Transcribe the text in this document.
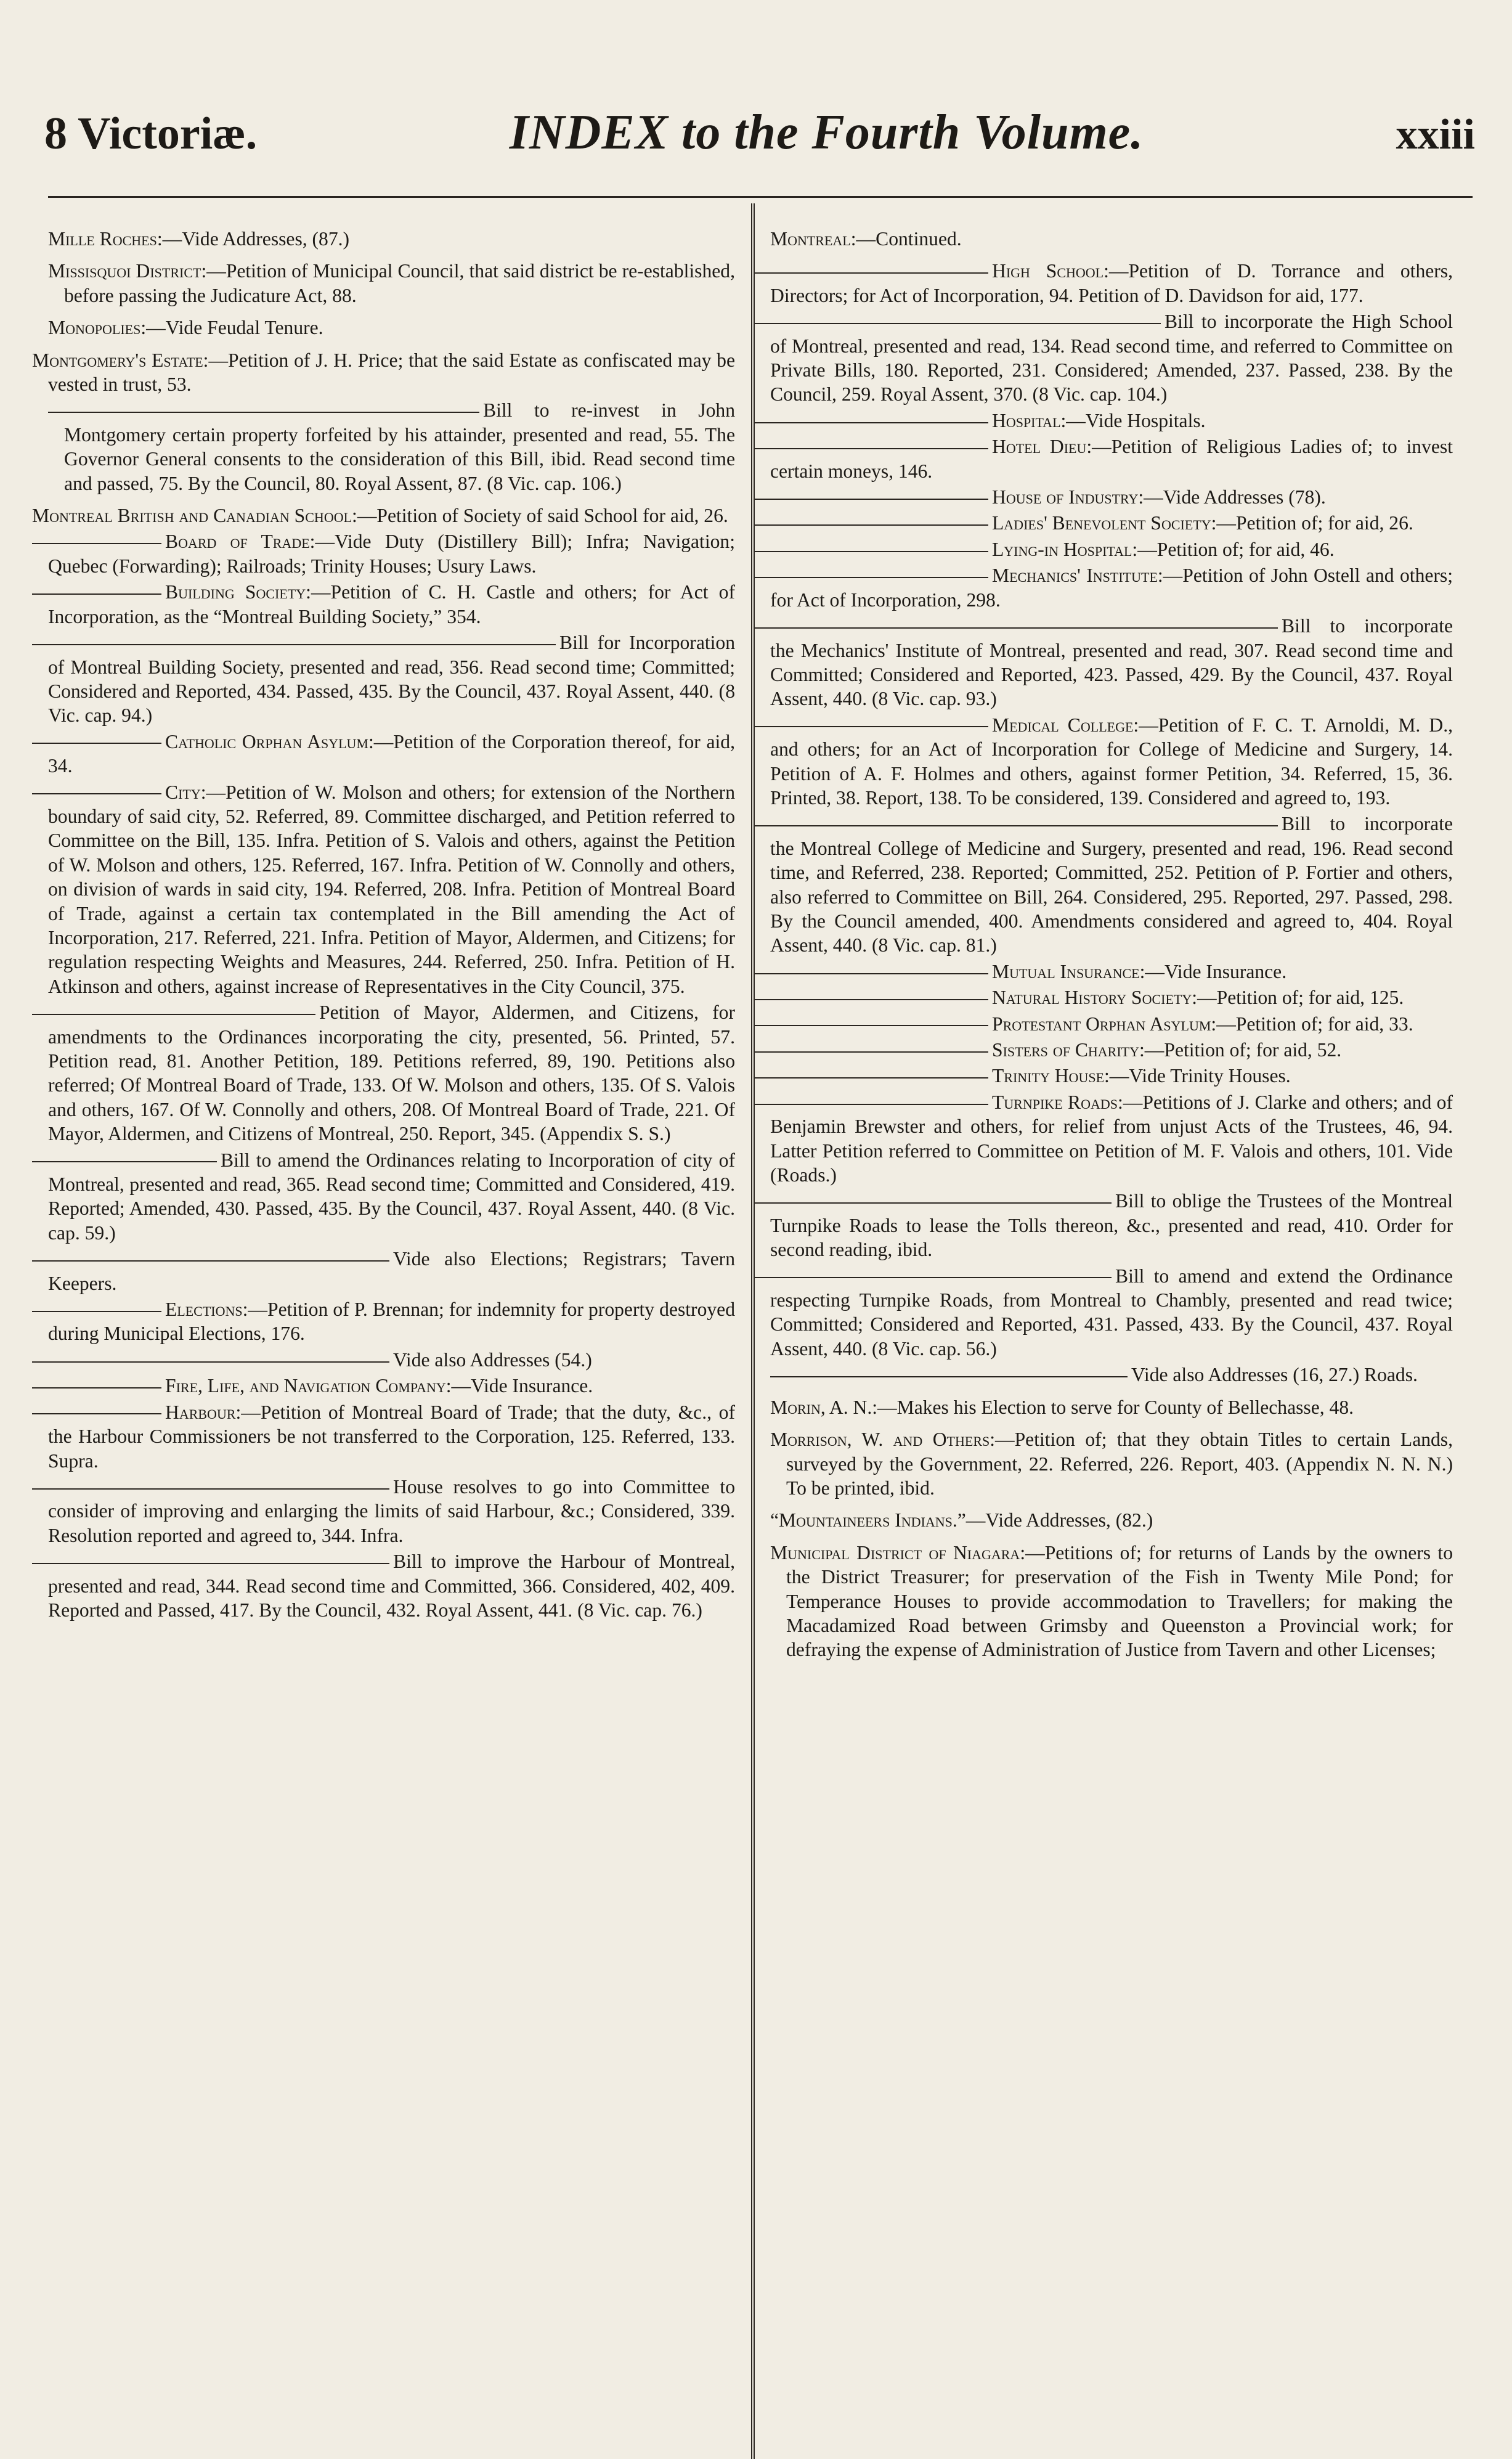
8 Victoriæ.	INDEX to the Fourth Volume.	xxiii

Mille Roches:—Vide Addresses, (87.)

Missisquoi District:—Petition of Municipal Council, that said district be re-established, before passing the Judicature Act, 88.

Monopolies:—Vide Feudal Tenure.

Montgomery's Estate:—Petition of J. H. Price; that the said Estate as confiscated may be vested in trust, 53.

Bill to re-invest in John Montgomery certain property forfeited by his attainder, presented and read, 55. The Governor General consents to the consideration of this Bill, ibid. Read second time and passed, 75. By the Council, 80. Royal Assent, 87. (8 Vic. cap. 106.)

Montreal British and Canadian School:—Petition of Society of said School for aid, 26.

Board of Trade:—Vide Duty (Distillery Bill); Infra; Navigation; Quebec (Forwarding); Railroads; Trinity Houses; Usury Laws.

Building Society:—Petition of C. H. Castle and others; for Act of Incorporation, as the “Montreal Building Society,” 354.

Bill for Incorporation of Montreal Building Society, presented and read, 356. Read second time; Committed; Considered and Reported, 434. Passed, 435. By the Council, 437. Royal Assent, 440. (8 Vic. cap. 94.)

Catholic Orphan Asylum:—Petition of the Corporation thereof, for aid, 34.

City:—Petition of W. Molson and others; for extension of the Northern boundary of said city, 52. Referred, 89. Committee discharged, and Petition referred to Committee on the Bill, 135. Infra. Petition of S. Valois and others, against the Petition of W. Molson and others, 125. Referred, 167. Infra. Petition of W. Connolly and others, on division of wards in said city, 194. Referred, 208. Infra. Petition of Montreal Board of Trade, against a certain tax contemplated in the Bill amending the Act of Incorporation, 217. Referred, 221. Infra. Petition of Mayor, Aldermen, and Citizens; for regulation respecting Weights and Measures, 244. Referred, 250. Infra. Petition of H. Atkinson and others, against increase of Representatives in the City Council, 375.

Petition of Mayor, Aldermen, and Citizens, for amendments to the Ordinances incorporating the city, presented, 56. Printed, 57. Petition read, 81. Another Petition, 189. Petitions referred, 89, 190. Petitions also referred; Of Montreal Board of Trade, 133. Of W. Molson and others, 135. Of S. Valois and others, 167. Of W. Connolly and others, 208. Of Montreal Board of Trade, 221. Of Mayor, Aldermen, and Citizens of Montreal, 250. Report, 345. (Appendix S. S.)

Bill to amend the Ordinances relating to Incorporation of city of Montreal, presented and read, 365. Read second time; Committed and Considered, 419. Reported; Amended, 430. Passed, 435. By the Council, 437. Royal Assent, 440. (8 Vic. cap. 59.)

Vide also Elections; Registrars; Tavern Keepers.

Elections:—Petition of P. Brennan; for indemnity for property destroyed during Municipal Elections, 176.

Vide also Addresses (54.)

Fire, Life, and Navigation Company:—Vide Insurance.

Harbour:—Petition of Montreal Board of Trade; that the duty, &c., of the Harbour Commissioners be not transferred to the Corporation, 125. Referred, 133. Supra.

House resolves to go into Committee to consider of improving and enlarging the limits of said Harbour, &c.; Considered, 339. Resolution reported and agreed to, 344. Infra.

Bill to improve the Harbour of Montreal, presented and read, 344. Read second time and Committed, 366. Considered, 402, 409. Reported and Passed, 417. By the Council, 432. Royal Assent, 441. (8 Vic. cap. 76.)

Montreal:—Continued.

High School:—Petition of D. Torrance and others, Directors; for Act of Incorporation, 94. Petition of D. Davidson for aid, 177.

Bill to incorporate the High School of Montreal, presented and read, 134. Read second time, and referred to Committee on Private Bills, 180. Reported, 231. Considered; Amended, 237. Passed, 238. By the Council, 259. Royal Assent, 370. (8 Vic. cap. 104.)

Hospital:—Vide Hospitals.

Hotel Dieu:—Petition of Religious Ladies of; to invest certain moneys, 146.

House of Industry:—Vide Addresses (78).

Ladies' Benevolent Society:—Petition of; for aid, 26.

Lying-in Hospital:—Petition of; for aid, 46.

Mechanics' Institute:—Petition of John Ostell and others; for Act of Incorporation, 298.

Bill to incorporate the Mechanics' Institute of Montreal, presented and read, 307. Read second time and Committed; Considered and Reported, 423. Passed, 429. By the Council, 437. Royal Assent, 440. (8 Vic. cap. 93.)

Medical College:—Petition of F. C. T. Arnoldi, M. D., and others; for an Act of Incorporation for College of Medicine and Surgery, 14. Petition of A. F. Holmes and others, against former Petition, 34. Referred, 15, 36. Printed, 38. Report, 138. To be considered, 139. Considered and agreed to, 193.

Bill to incorporate the Montreal College of Medicine and Surgery, presented and read, 196. Read second time, and Referred, 238. Reported; Committed, 252. Petition of P. Fortier and others, also referred to Committee on Bill, 264. Considered, 295. Reported, 297. Passed, 298. By the Council amended, 400. Amendments considered and agreed to, 404. Royal Assent, 440. (8 Vic. cap. 81.)

Mutual Insurance:—Vide Insurance.

Natural History Society:—Petition of; for aid, 125.

Protestant Orphan Asylum:—Petition of; for aid, 33.

Sisters of Charity:—Petition of; for aid, 52.

Trinity House:—Vide Trinity Houses.

Turnpike Roads:—Petitions of J. Clarke and others; and of Benjamin Brewster and others, for relief from unjust Acts of the Trustees, 46, 94. Latter Petition referred to Committee on Petition of M. F. Valois and others, 101. Vide (Roads.)

Bill to oblige the Trustees of the Montreal Turnpike Roads to lease the Tolls thereon, &c., presented and read, 410. Order for second reading, ibid.

Bill to amend and extend the Ordinance respecting Turnpike Roads, from Montreal to Chambly, presented and read twice; Committed; Considered and Reported, 431. Passed, 433. By the Council, 437. Royal Assent, 440. (8 Vic. cap. 56.)

Vide also Addresses (16, 27.) Roads.

Morin, A. N.:—Makes his Election to serve for County of Bellechasse, 48.

Morrison, W. and Others:—Petition of; that they obtain Titles to certain Lands, surveyed by the Government, 22. Referred, 226. Report, 403. (Appendix N. N. N.) To be printed, ibid.

“Mountaineers Indians.”—Vide Addresses, (82.)

Municipal District of Niagara:—Petitions of; for returns of Lands by the owners to the District Treasurer; for preservation of the Fish in Twenty Mile Pond; for Temperance Houses to provide accommodation to Travellers; for making the Macadamized Road between Grimsby and Queenston a Provincial work; for defraying the expense of Administration of Justice from Tavern and other Licenses;
